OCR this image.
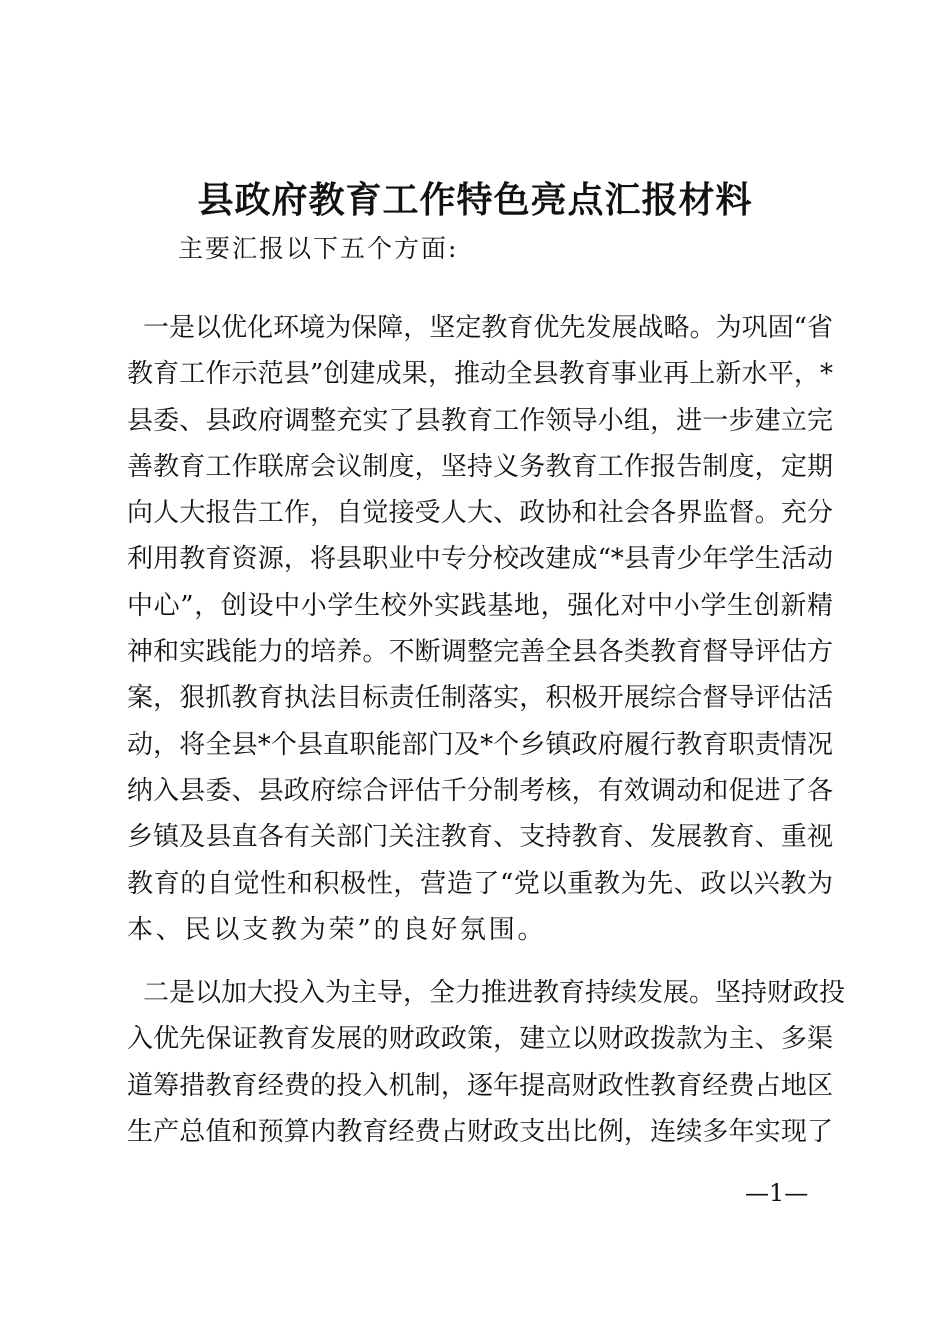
县政府教育工作特色亮点汇报材料
主要汇报以下五个方面:
一是以优化环境为保障，坚定教育优先发展战略。为巩固“省
教育工作示范县”创建成果，推动全县教育事业再上新水平，*
县委、县政府调整充实了县教育工作领导小组，进一步建立完
善教育工作联席会议制度，坚持义务教育工作报告制度，定期
向人大报告工作，自觉接受人大、政协和社会各界监督。充分
利用教育资源，将县职业中专分校改建成“*县青少年学生活动
中心”，创设中小学生校外实践基地，强化对中小学生创新精
神和实践能力的培养。不断调整完善全县各类教育督导评估方
案，狠抓教育执法目标责任制落实，积极开展综合督导评估活
动，将全县*个县直职能部门及*个乡镇政府履行教育职责情况
纳入县委、县政府综合评估千分制考核，有效调动和促进了各
乡镇及县直各有关部门关注教育、支持教育、发展教育、重视
教育的自觉性和积极性，营造了“党以重教为先、政以兴教为
本、民以支教为荣”的良好氛围。
二是以加大投入为主导，全力推进教育持续发展。坚持财政投
入优先保证教育发展的财政政策，建立以财政拨款为主、多渠
道筹措教育经费的投入机制，逐年提高财政性教育经费占地区
生产总值和预算内教育经费占财政支出比例，连续多年实现了
—1—
